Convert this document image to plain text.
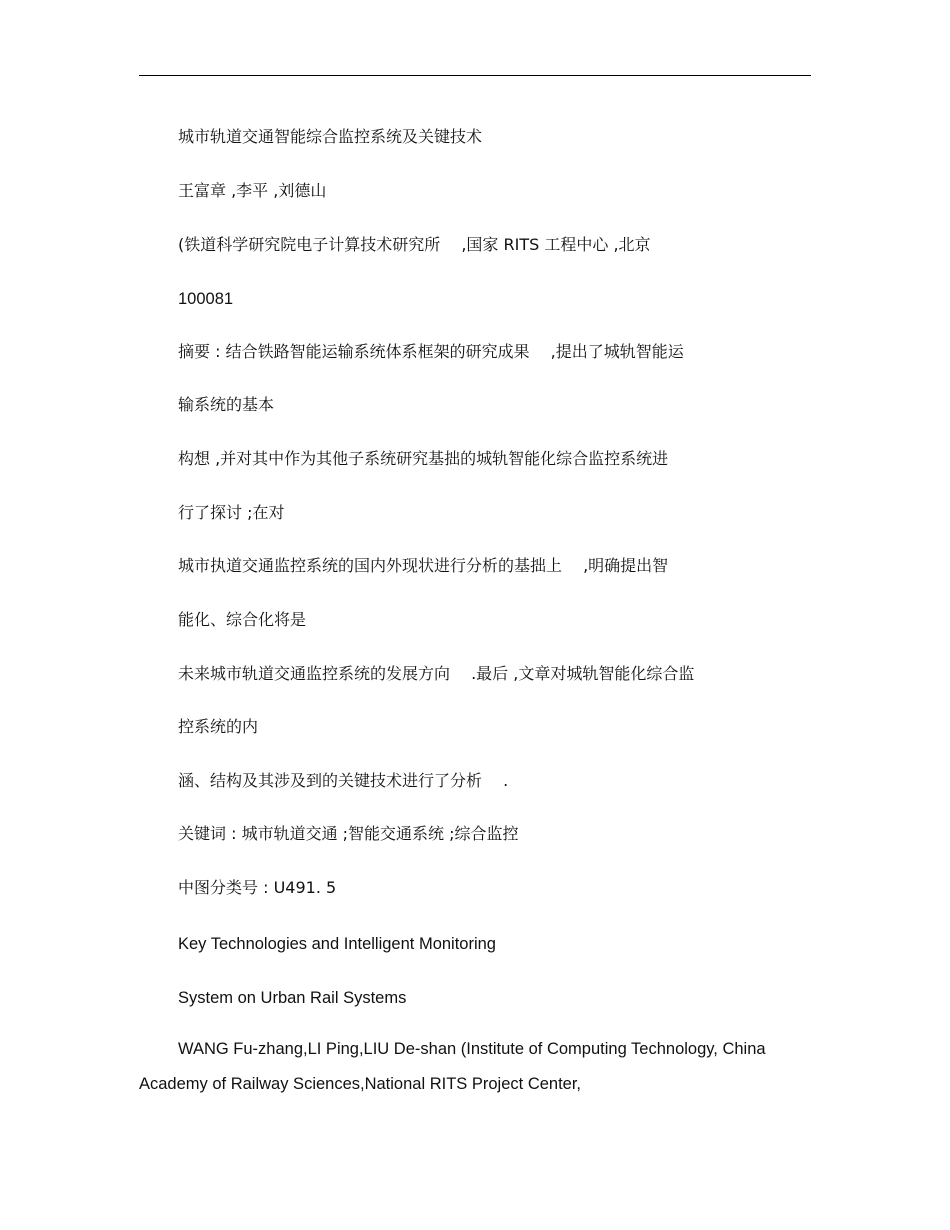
城市轨道交通智能综合监控系统及关键技术
王富章 ,李平 ,刘德山
(铁道科学研究院电子计算技术研究所　 ,国家 RITS 工程中心 ,北京
100081
摘要 : 结合铁路智能运输系统体系框架的研究成果　 ,提出了城轨智能运
输系统的基本
构想 ,并对其中作为其他子系统研究基拙的城轨智能化综合监控系统进
行了探讨 ;在对
城市执道交通监控系统的国内外现状进行分析的基拙上　 ,明确提出智
能化、综合化将是
未来城市轨道交通监控系统的发展方向　 .最后 ,文章对城轨智能化综合监
控系统的内
涵、结构及其涉及到的关键技术进行了分析　 .
关键词 : 城市轨道交通 ;智能交通系统 ;综合监控
中图分类号 : U491. 5
Key Technologies and Intelligent Monitoring
System on Urban Rail Systems
WANG Fu-zhang,LI Ping,LIU De-shan (Institute of Computing Technology, China Academy of Railway Sciences,National RITS Project Center,
